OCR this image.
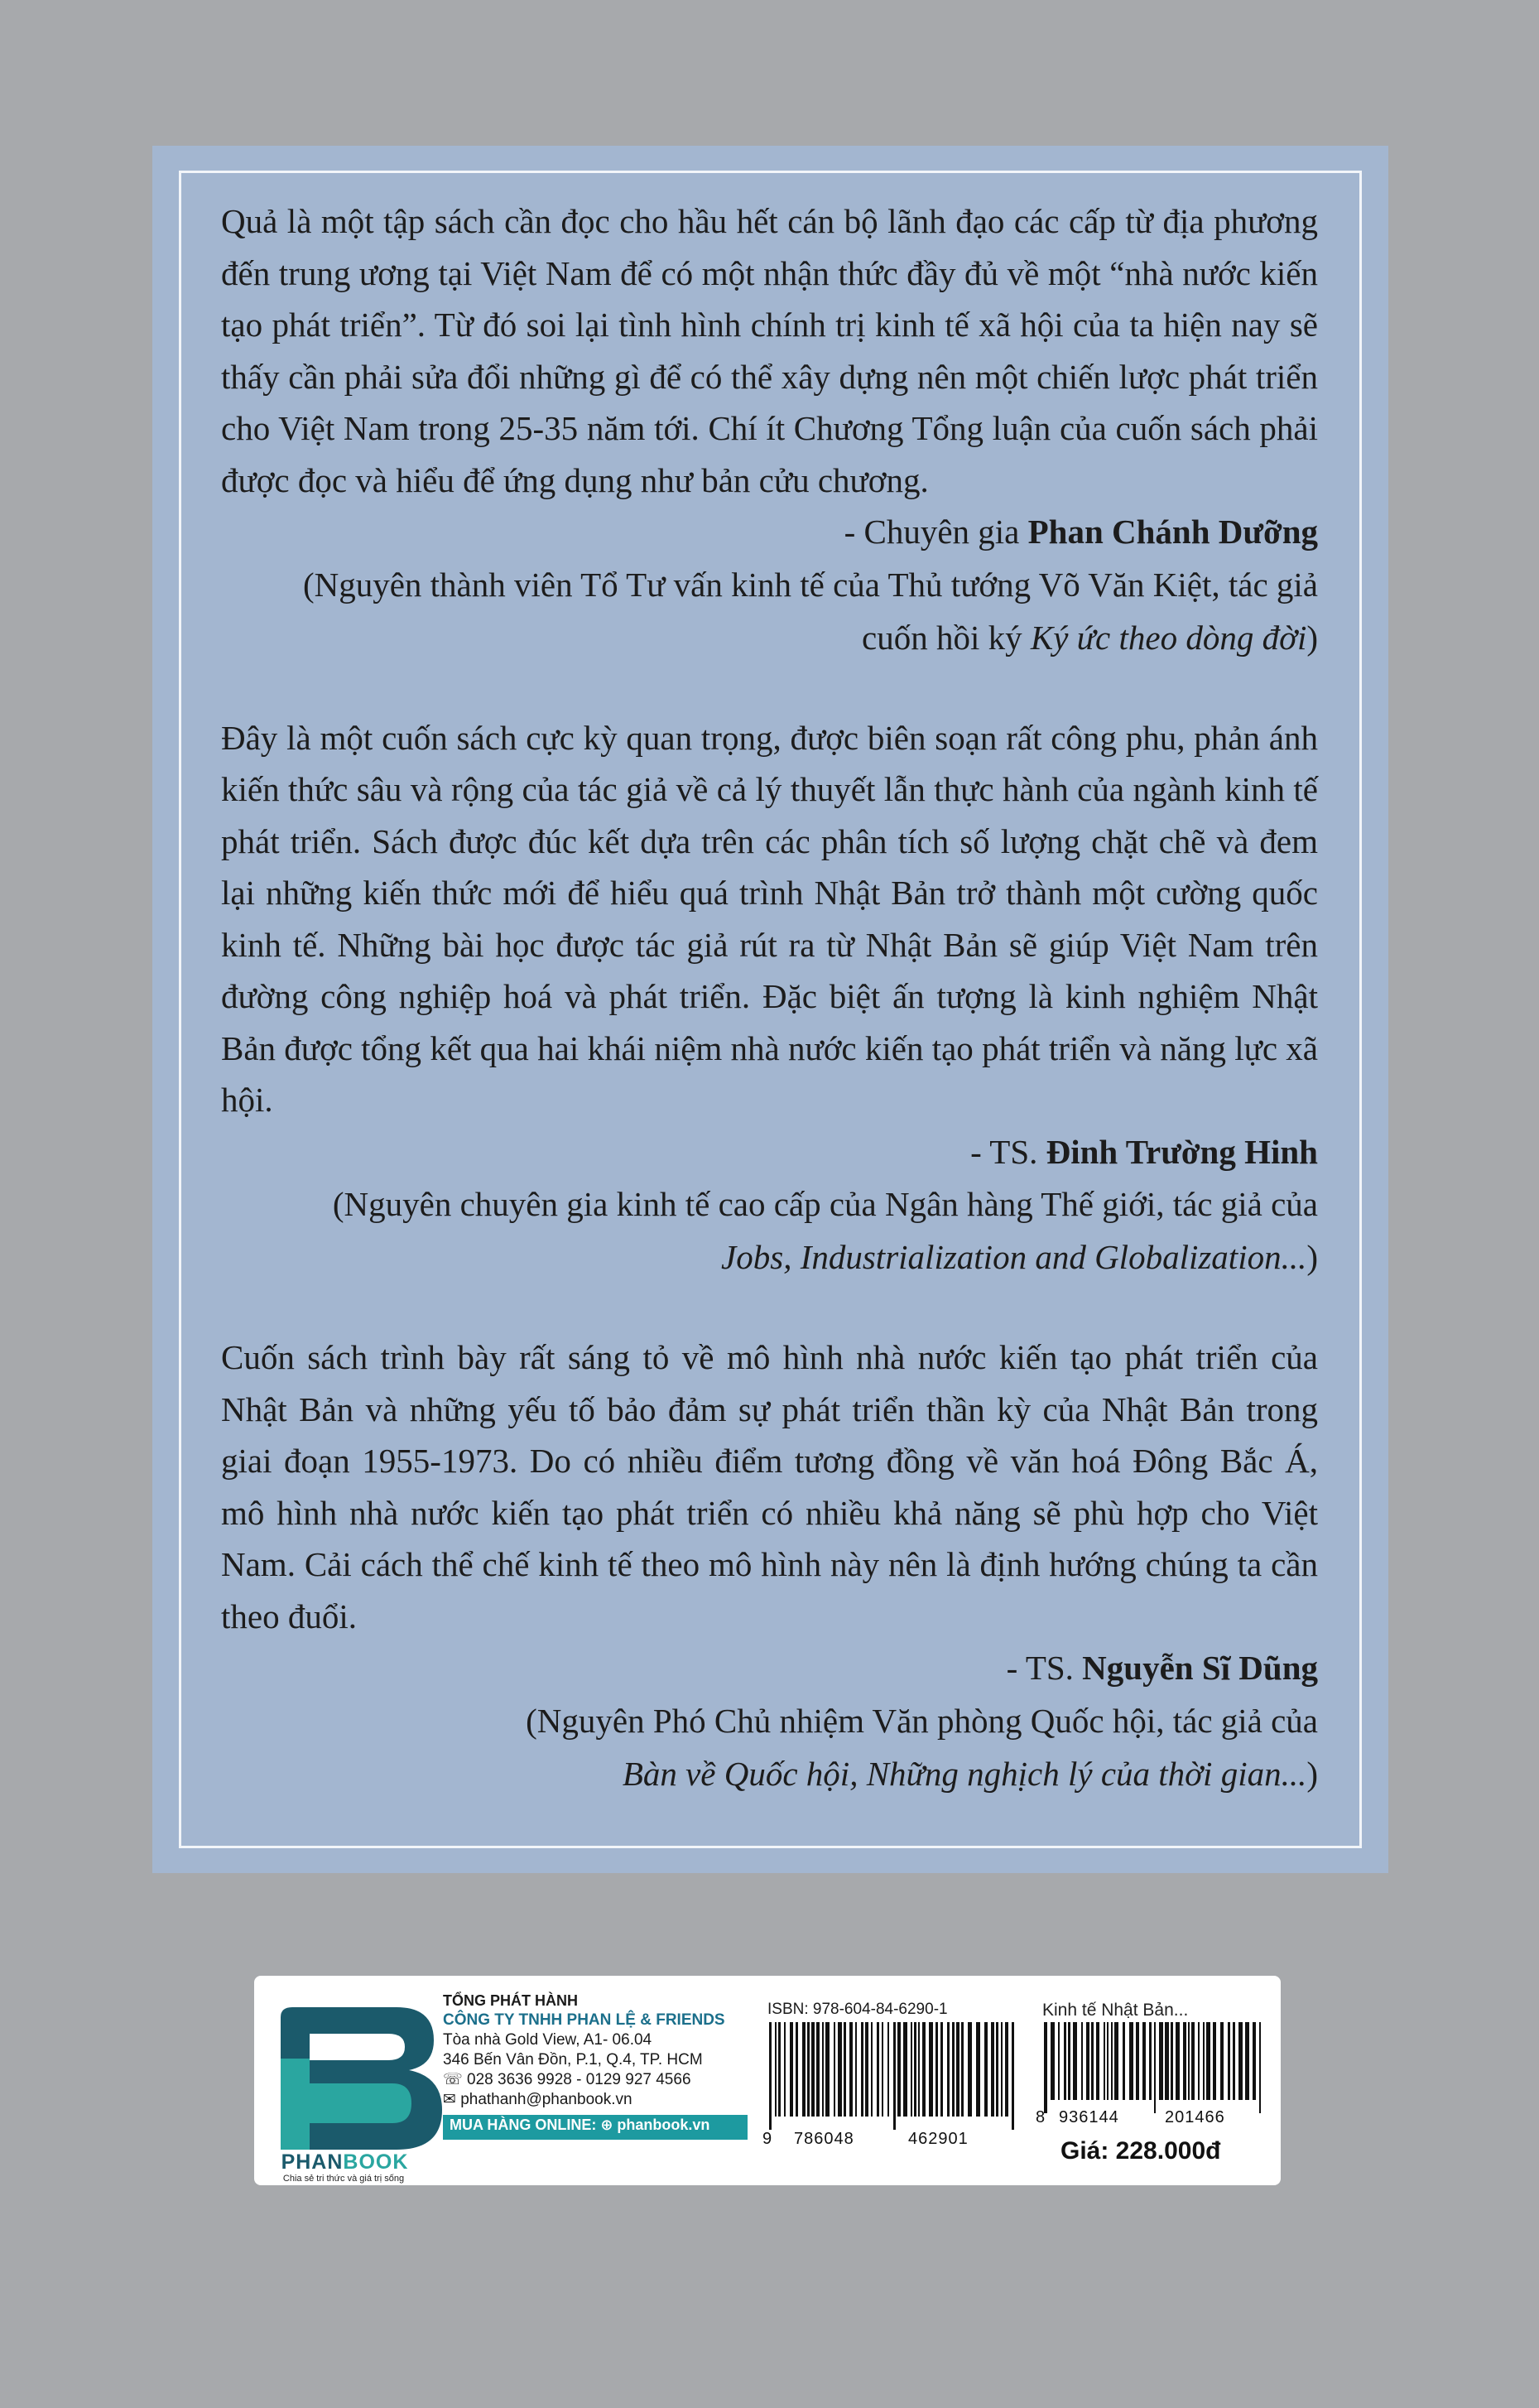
Quả là một tập sách cần đọc cho hầu hết cán bộ lãnh đạo các cấp từ địa phương đến trung ương tại Việt Nam để có một nhận thức đầy đủ về một “nhà nước kiến tạo phát triển”. Từ đó soi lại tình hình chính trị kinh tế xã hội của ta hiện nay sẽ thấy cần phải sửa đổi những gì để có thể xây dựng nên một chiến lược phát triển cho Việt Nam trong 25-35 năm tới. Chí ít Chương Tổng luận của cuốn sách phải được đọc và hiểu để ứng dụng như bản cửu chương.

- Chuyên gia Phan Chánh Dưỡng

(Nguyên thành viên Tổ Tư vấn kinh tế của Thủ tướng Võ Văn Kiệt, tác giả
cuốn hồi ký Ký ức theo dòng đời)

Đây là một cuốn sách cực kỳ quan trọng, được biên soạn rất công phu, phản ánh kiến thức sâu và rộng của tác giả về cả lý thuyết lẫn thực hành của ngành kinh tế phát triển. Sách được đúc kết dựa trên các phân tích số lượng chặt chẽ và đem lại những kiến thức mới để hiểu quá trình Nhật Bản trở thành một cường quốc kinh tế. Những bài học được tác giả rút ra từ Nhật Bản sẽ giúp Việt Nam trên đường công nghiệp hoá và phát triển. Đặc biệt ấn tượng là kinh nghiệm Nhật Bản được tổng kết qua hai khái niệm nhà nước kiến tạo phát triển và năng lực xã hội.

- TS. Đinh Trường Hinh

(Nguyên chuyên gia kinh tế cao cấp của Ngân hàng Thế giới, tác giả của
Jobs, Industrialization and Globalization...)

Cuốn sách trình bày rất sáng tỏ về mô hình nhà nước kiến tạo phát triển của Nhật Bản và những yếu tố bảo đảm sự phát triển thần kỳ của Nhật Bản trong giai đoạn 1955-1973. Do có nhiều điểm tương đồng về văn hoá Đông Bắc Á, mô hình nhà nước kiến tạo phát triển có nhiều khả năng sẽ phù hợp cho Việt Nam. Cải cách thể chế kinh tế theo mô hình này nên là định hướng chúng ta cần theo đuổi.

- TS. Nguyễn Sĩ Dũng

(Nguyên Phó Chủ nhiệm Văn phòng Quốc hội, tác giả của
Bàn về Quốc hội, Những nghịch lý của thời gian...)

PHANBOOK
Chia sẻ tri thức và giá trị sống
TỔNG PHÁT HÀNH
CÔNG TY TNHH PHAN LỆ & FRIENDS
Tòa nhà Gold View, A1- 06.04
346 Bến Vân Đồn, P.1, Q.4, TP. HCM
☏ 028 3636 9928 - 0129 927 4566
✉ phathanh@phanbook.vn
MUA HÀNG ONLINE: ⊕ phanbook.vn
ISBN: 978-604-84-6290-1
9 786048	462901
Kinh tế Nhật Bản...
8 936144	201466
Giá: 228.000đ
